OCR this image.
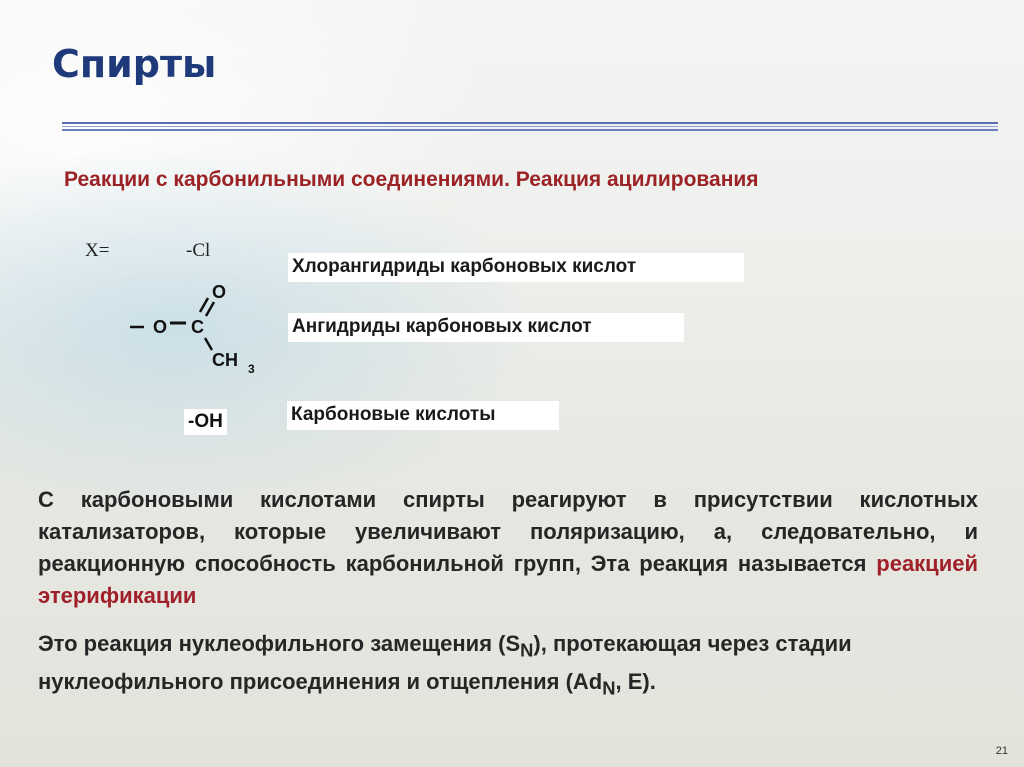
Спирты
Реакции с карбонильными соединениями. Реакция ацилирования
X=	-Cl
O C
O
CH 3
-OH
Хлорангидриды карбоновых кислот
Ангидриды карбоновых кислот
Карбоновые кислоты
С карбоновыми кислотами спирты реагируют в присутствии кислотных катализаторов, которые увеличивают поляризацию, а, следовательно, и реакционную способность карбонильной групп, Эта реакция называется реакцией этерификации
Это реакция нуклеофильного замещения $(S_N)$, протекающая через стадии нуклеофильного присоединения и отщепления ($Ad_N$, E).
21
